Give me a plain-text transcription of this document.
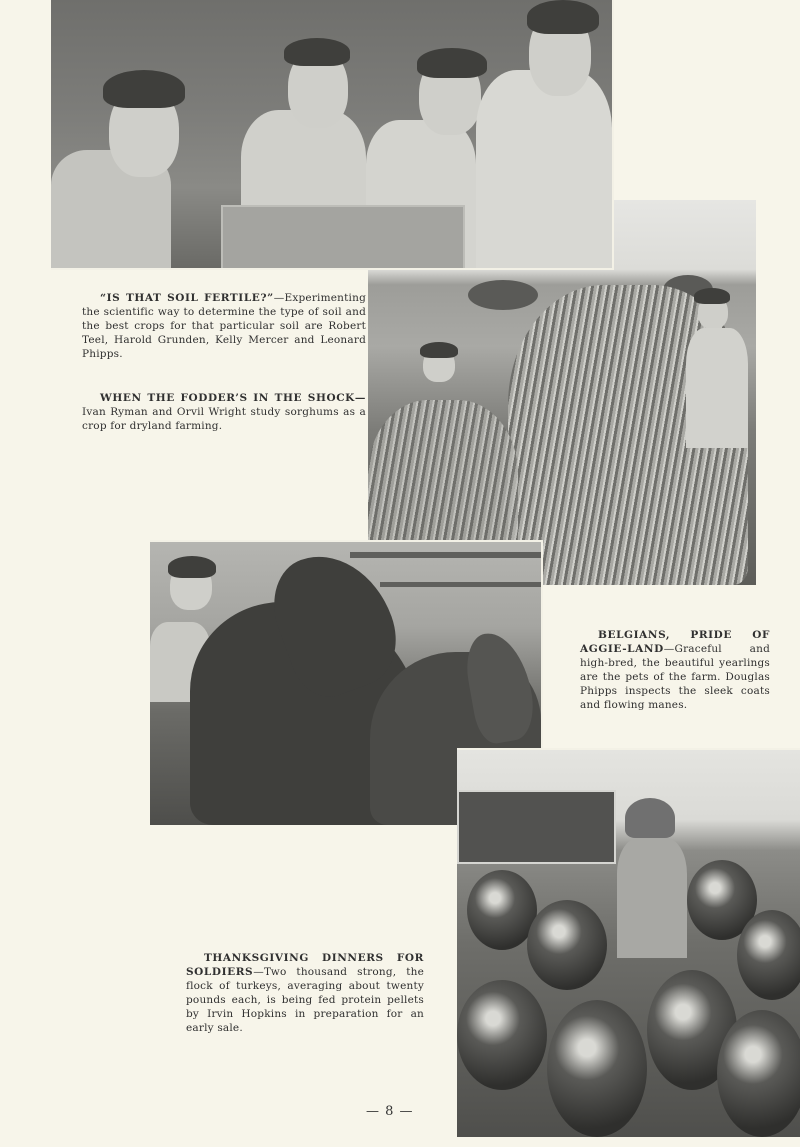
“IS THAT SOIL FERTILE?”—Experimenting the scientific way to determine the type of soil and the best crops for that particular soil are Robert Teel, Harold Grunden, Kelly Mercer and Leonard Phipps.
WHEN THE FODDER’S IN THE SHOCK— Ivan Ryman and Orvil Wright study sorghums as a crop for dryland farming.
BELGIANS, PRIDE OF AGGIE-LAND—Graceful and high-bred, the beautiful yearlings are the pets of the farm. Douglas Phipps inspects the sleek coats and flowing manes.
THANKSGIVING DINNERS FOR SOLDIERS—Two thousand strong, the flock of turkeys, averaging about twenty pounds each, is being fed protein pellets by Irvin Hopkins in preparation for an early sale.
— 8 —
